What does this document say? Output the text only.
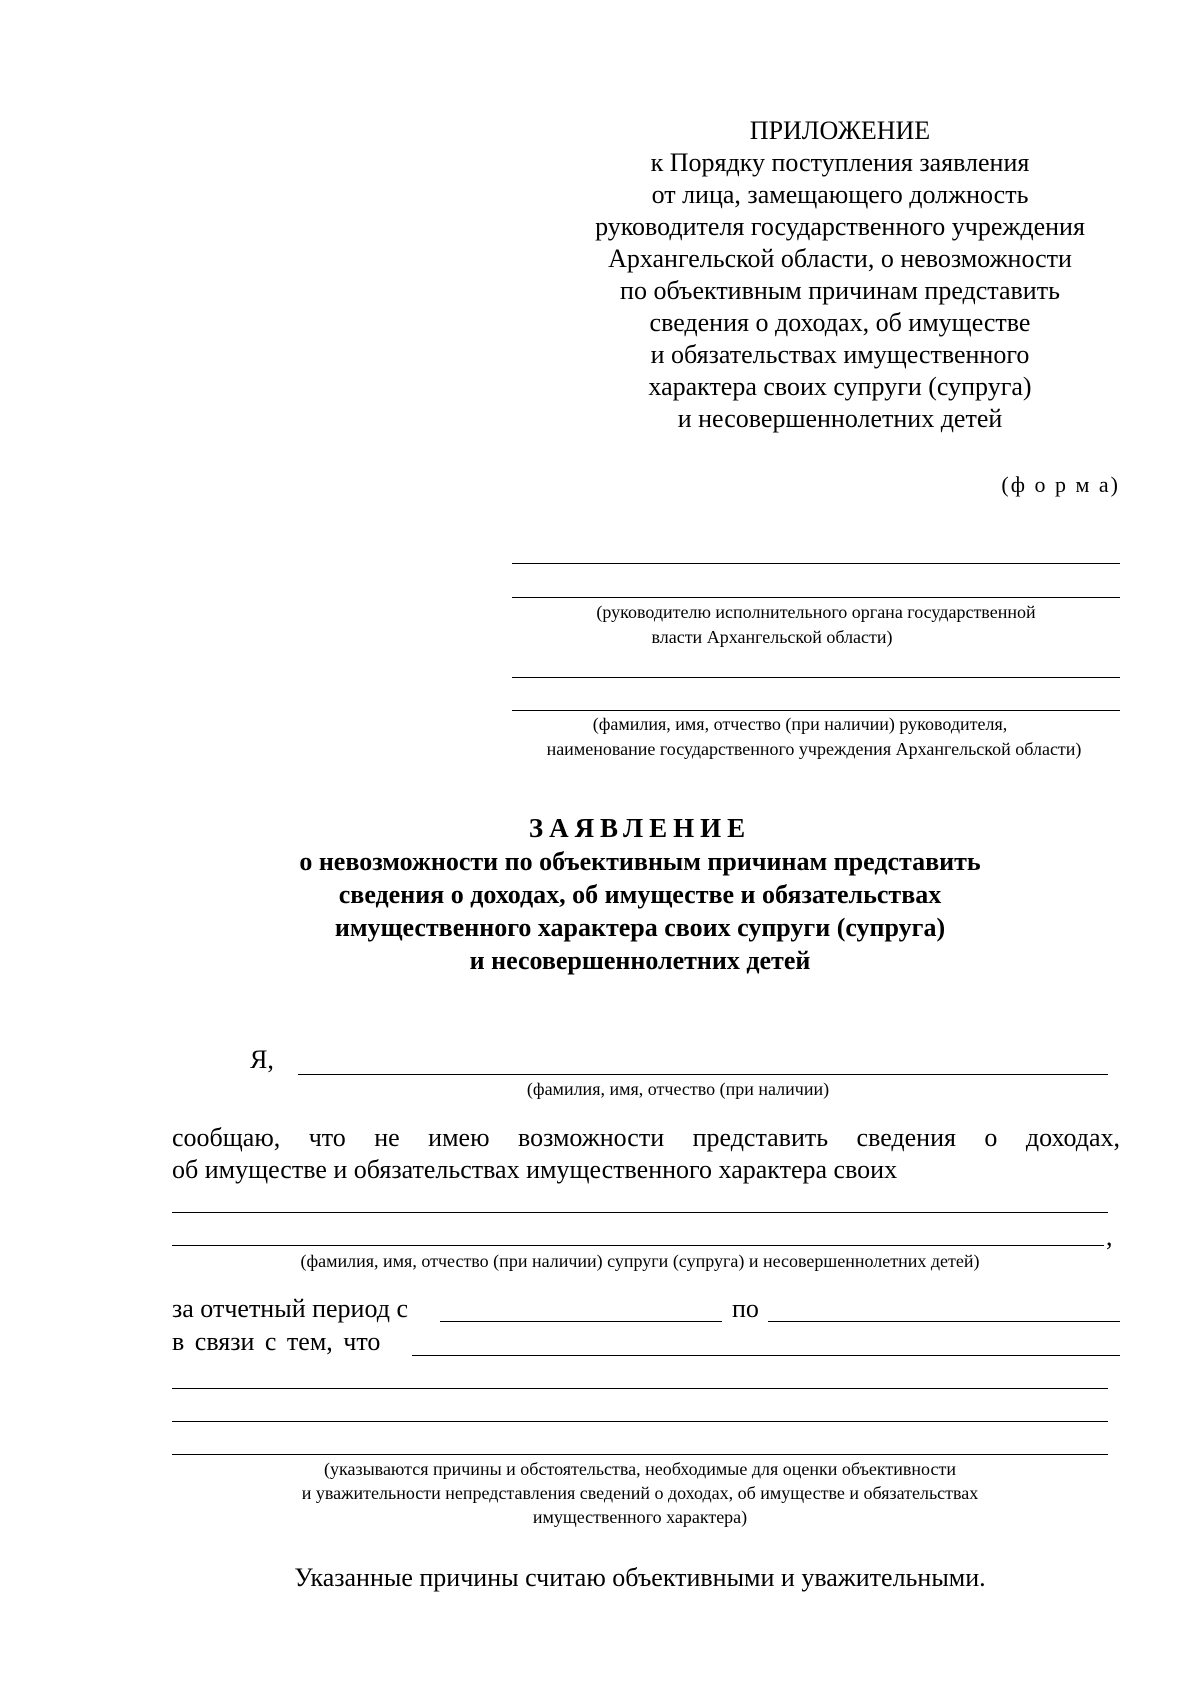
ПРИЛОЖЕНИЕ
к Порядку поступления заявления
от лица, замещающего должность
руководителя государственного учреждения
Архангельской области, о невозможности
по объективным причинам представить
сведения о доходах, об имуществе
и обязательствах имущественного
характера своих супруги (супруга)
и несовершеннолетних детей
(ф о р м а)
(руководителю исполнительного органа государственной
власти Архангельской области)
(фамилия, имя, отчество (при наличии) руководителя,
наименование государственного учреждения Архангельской области)
ЗАЯВЛЕНИЕ
о невозможности по объективным причинам представить
сведения о доходах, об имуществе и обязательствах
имущественного характера своих супруги (супруга)
и несовершеннолетних детей
Я,
(фамилия, имя, отчество (при наличии)
сообщаю, что не имею возможности представить сведения о доходах,
об имуществе и обязательствах имущественного характера своих
,
(фамилия, имя, отчество (при наличии) супруги (супруга) и несовершеннолетних детей)
за отчетный период с	по
в связи с тем, что
(указываются причины и обстоятельства, необходимые для оценки объективности
и уважительности непредставления сведений о доходах, об имуществе и обязательствах
имущественного характера)
Указанные причины считаю объективными и уважительными.
